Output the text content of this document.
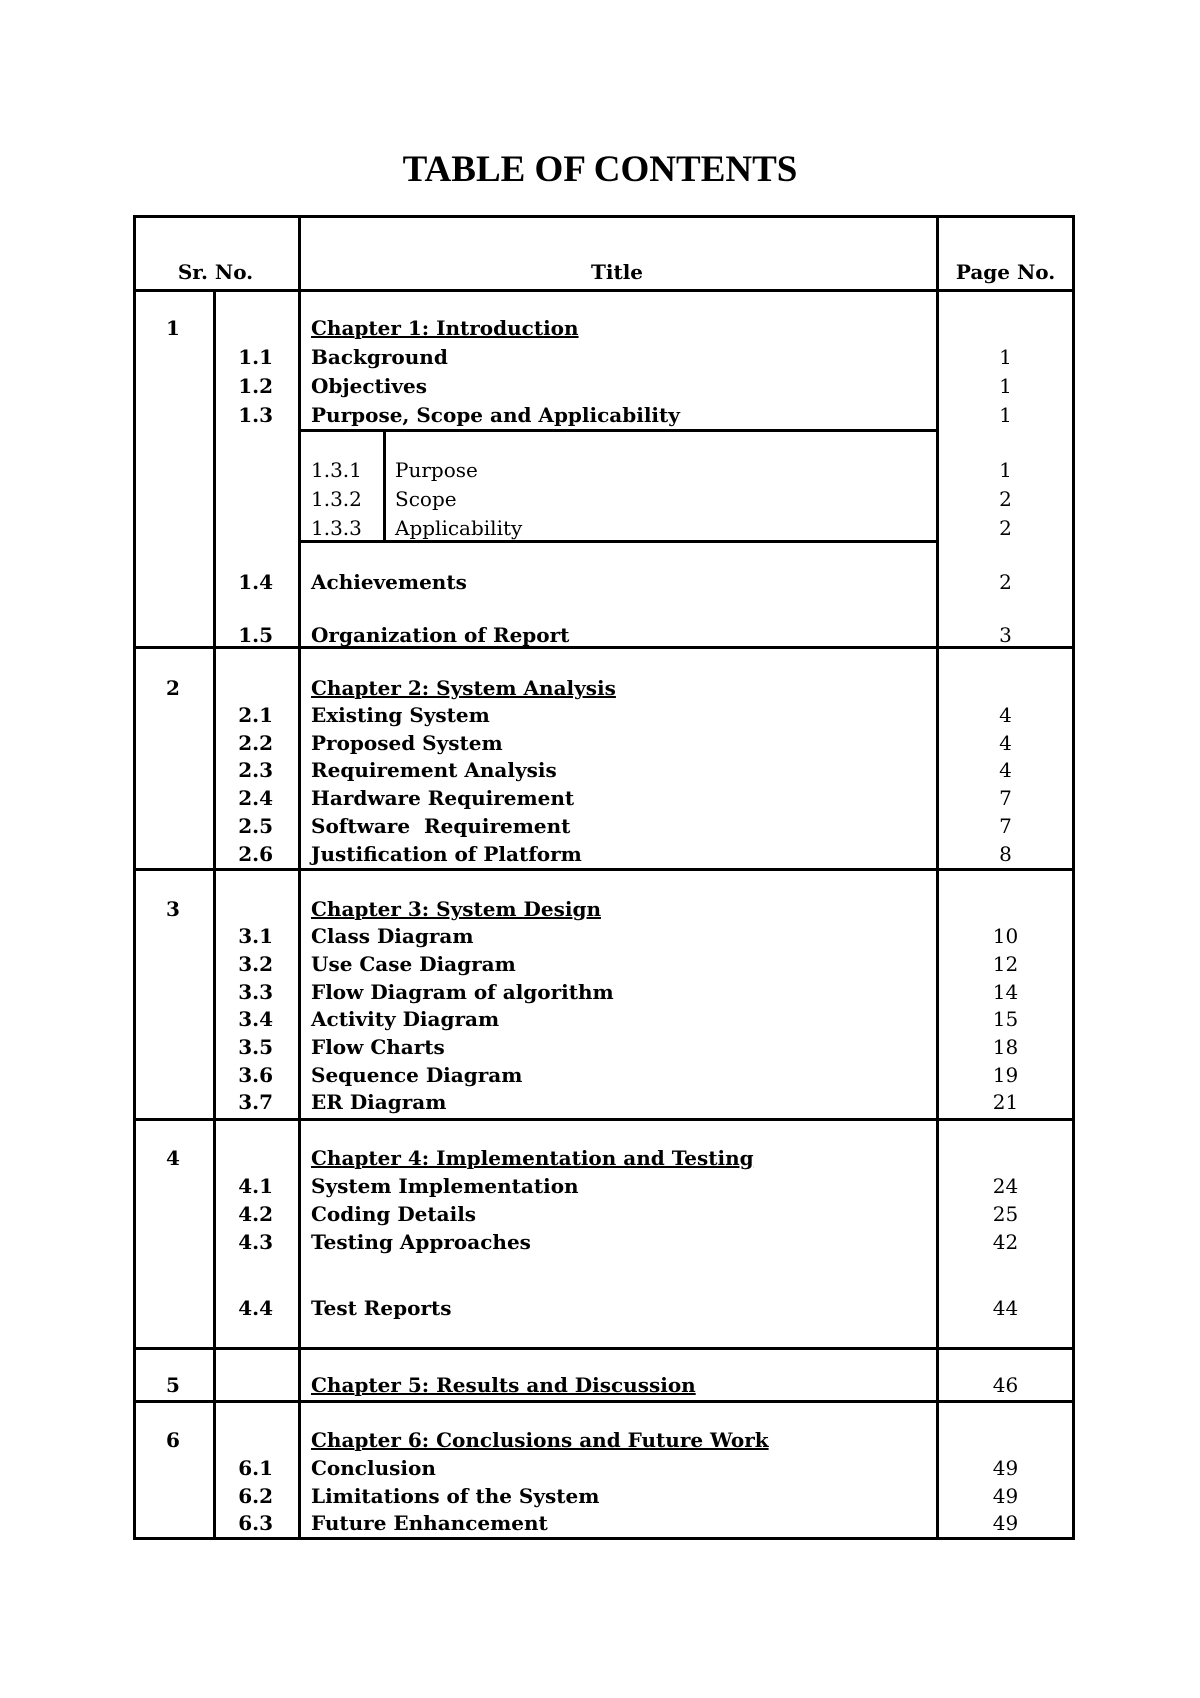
TABLE OF CONTENTS
Sr. No.	Title	Page No.
1	Chapter 1: Introduction
1.1 Background	1
1.2 Objectives	1
1.3 Purpose, Scope and Applicability	1
1.3.1 Purpose	1
1.3.2 Scope	2
1.3.3 Applicability	2
1.4 Achievements	2
1.5 Organization of Report	3
2	Chapter 2: System Analysis
2.1 Existing System	4
2.2 Proposed System	4
2.3 Requirement Analysis	4
2.4 Hardware Requirement	7
2.5 Software  Requirement	7
2.6 Justification of Platform	8
3	Chapter 3: System Design
3.1 Class Diagram	10
3.2 Use Case Diagram	12
3.3 Flow Diagram of algorithm	14
3.4 Activity Diagram	15
3.5 Flow Charts	18
3.6 Sequence Diagram	19
3.7 ER Diagram	21
4	Chapter 4: Implementation and Testing
4.1 System Implementation	24
4.2 Coding Details	25
4.3 Testing Approaches	42
4.4 Test Reports	44
5	Chapter 5: Results and Discussion	46
6	Chapter 6: Conclusions and Future Work
6.1 Conclusion	49
6.2 Limitations of the System	49
6.3 Future Enhancement	49
